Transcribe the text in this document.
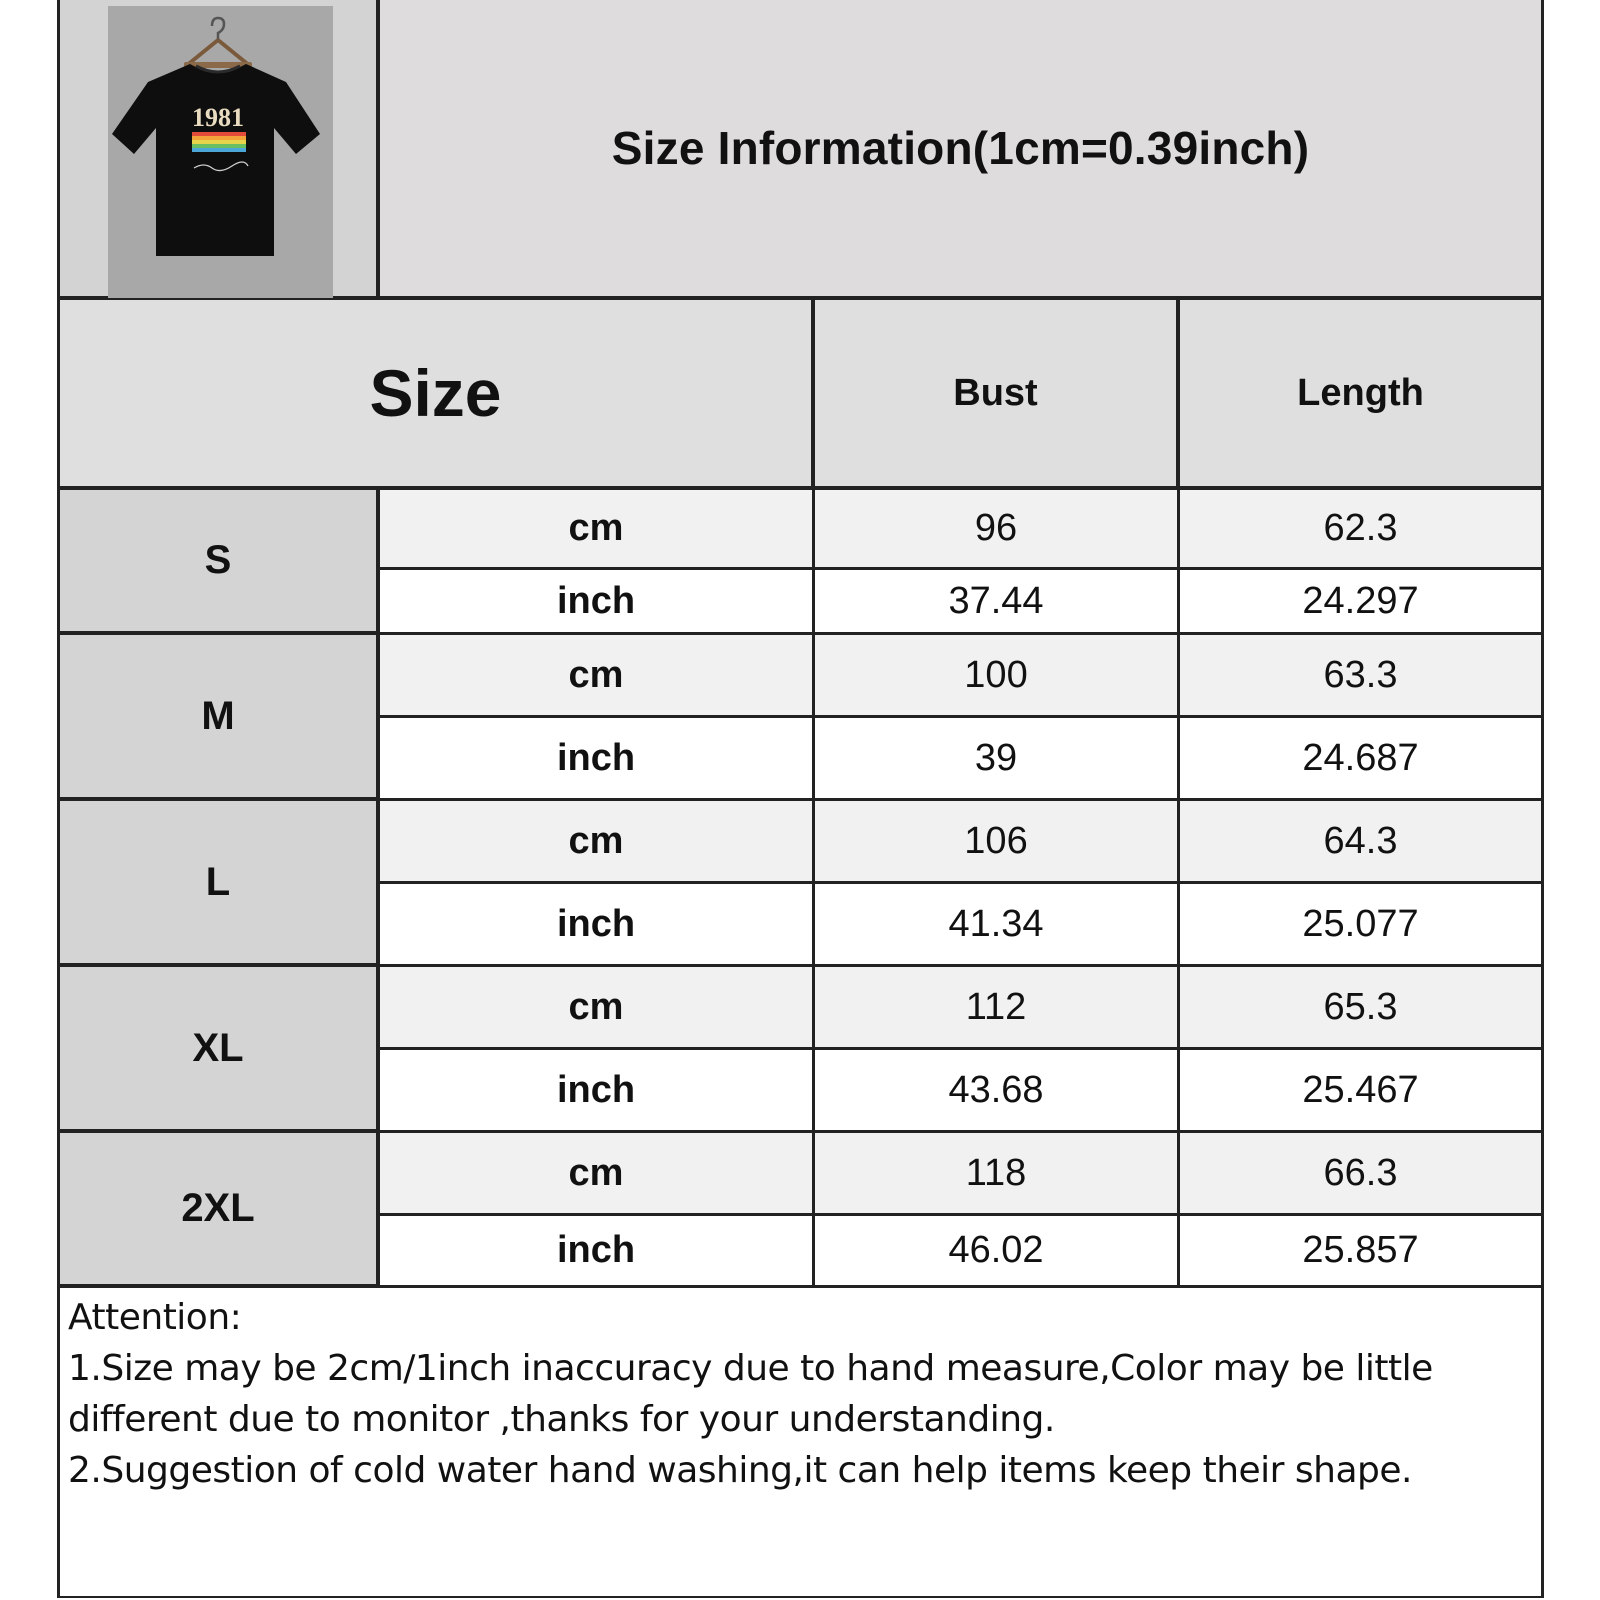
1981
Size Information(1cm=0.39inch)
Size	Bust	Length
S
cm	96	62.3
inch	37.44	24.297
M
cm	100	63.3
inch	39	24.687
L
cm	106	64.3
inch	41.34	25.077
XL
cm	112	65.3
inch	43.68	25.467
2XL
cm	118	66.3
inch	46.02	25.857
Attention:
1.Size may be 2cm/1inch inaccuracy due to hand measure,Color may be little
different due to monitor ,thanks for your understanding.
2.Suggestion of cold water hand washing,it can help items keep their shape.
